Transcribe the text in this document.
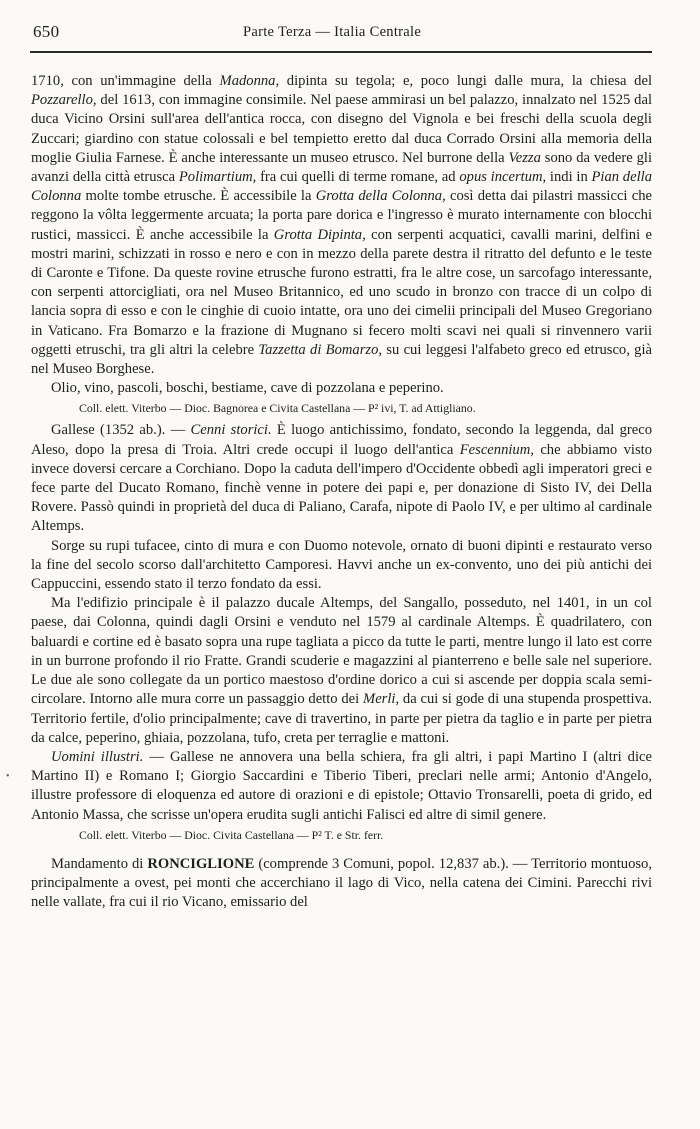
650	Parte Terza — Italia Centrale

1710, con un'immagine della Madonna, dipinta su tegola; e, poco lungi dalle mura, la chiesa del Pozzarello, del 1613, con immagine consimile. Nel paese ammirasi un bel palazzo, innalzato nel 1525 dal duca Vicino Orsini sull'area dell'antica rocca, con disegno del Vignola e bei freschi della scuola degli Zuccari; giardino con statue colossali e bel tempietto eretto dal duca Corrado Orsini alla memoria della moglie Giulia Farnese. È anche interessante un museo etrusco. Nel burrone della Vezza sono da vedere gli avanzi della città etrusca Polimartium, fra cui quelli di terme romane, ad opus incertum, indi in Pian della Colonna molte tombe etrusche. È accessibile la Grotta della Colonna, così detta dai pilastri massicci che reggono la vôlta leggermente arcuata; la porta pare dorica e l'ingresso è murato internamente con blocchi rustici, massicci. È anche accessibile la Grotta Dipinta, con serpenti acquatici, cavalli marini, delfini e mostri marini, schizzati in rosso e nero e con in mezzo della parete destra il ritratto del defunto e le teste di Caronte e Tifone. Da queste rovine etrusche furono estratti, fra le altre cose, un sarcofago interessante, con serpenti attorcigliati, ora nel Museo Britannico, ed uno scudo in bronzo con tracce di un colpo di lancia sopra di esso e con le cinghie di cuoio intatte, ora uno dei cimelii principali del Museo Gregoriano in Vaticano. Fra Bomarzo e la frazione di Mugnano si fecero molti scavi nei quali si rinvennero varii oggetti etruschi, tra gli altri la celebre Tazzetta di Bomarzo, su cui leggesi l'alfabeto greco ed etrusco, già nel Museo Borghese.

Olio, vino, pascoli, boschi, bestiame, cave di pozzolana e peperino.

Coll. elett. Viterbo — Dioc. Bagnorea e Civita Castellana — P² ivi, T. ad Attigliano.

Gallese (1352 ab.). — Cenni storici. È luogo antichissimo, fondato, secondo la leggenda, dal greco Aleso, dopo la presa di Troia. Altri crede occupi il luogo dell'antica Fescennium, che abbiamo visto invece doversi cercare a Corchiano. Dopo la caduta dell'impero d'Occidente obbedì agli imperatori greci e fece parte del Ducato Romano, finchè venne in potere dei papi e, per donazione di Sisto IV, dei Della Rovere. Passò quindi in proprietà del duca di Paliano, Carafa, nipote di Paolo IV, e per ultimo al cardinale Altemps.

Sorge su rupi tufacee, cinto di mura e con Duomo notevole, ornato di buoni dipinti e restaurato verso la fine del secolo scorso dall'architetto Camporesi. Havvi anche un ex-convento, uno dei più antichi dei Cappuccini, essendo stato il terzo fondato da essi.

Ma l'edifizio principale è il palazzo ducale Altemps, del Sangallo, posseduto, nel 1401, in un col paese, dai Colonna, quindi dagli Orsini e venduto nel 1579 al cardinale Altemps. È quadrilatero, con baluardi e cortine ed è basato sopra una rupe tagliata a picco da tutte le parti, mentre lungo il lato est corre in un burrone profondo il rio Fratte. Grandi scuderie e magazzini al pianterreno e belle sale nel superiore. Le due ale sono collegate da un portico maestoso d'ordine dorico a cui si ascende per doppia scala semi-circolare. Intorno alle mura corre un passaggio detto dei Merli, da cui si gode di una stupenda prospettiva. Territorio fertile, d'olio principalmente; cave di travertino, in parte per pietra da taglio e in parte per pietra da calce, peperino, ghiaia, pozzolana, tufo, creta per terraglie e mattoni.

Uomini illustri. — Gallese ne annovera una bella schiera, fra gli altri, i papi Martino I (altri dice Martino II) e Romano I; Giorgio Saccardini e Tiberio Tiberi, preclari nelle armi; Antonio d'Angelo, illustre professore di eloquenza ed autore di orazioni e di epistole; Ottavio Tronsarelli, poeta di grido, ed Antonio Massa, che scrisse un'opera erudita sugli antichi Falisci ed altre di simil genere.

Coll. elett. Viterbo — Dioc. Civita Castellana — P² T. e Str. ferr.

Mandamento di RONCIGLIONE (comprende 3 Comuni, popol. 12,837 ab.). — Territorio montuoso, principalmente a ovest, pei monti che accerchiano il lago di Vico, nella catena dei Cimini. Parecchi rivi nelle vallate, fra cui il rio Vicano, emissario del

•
